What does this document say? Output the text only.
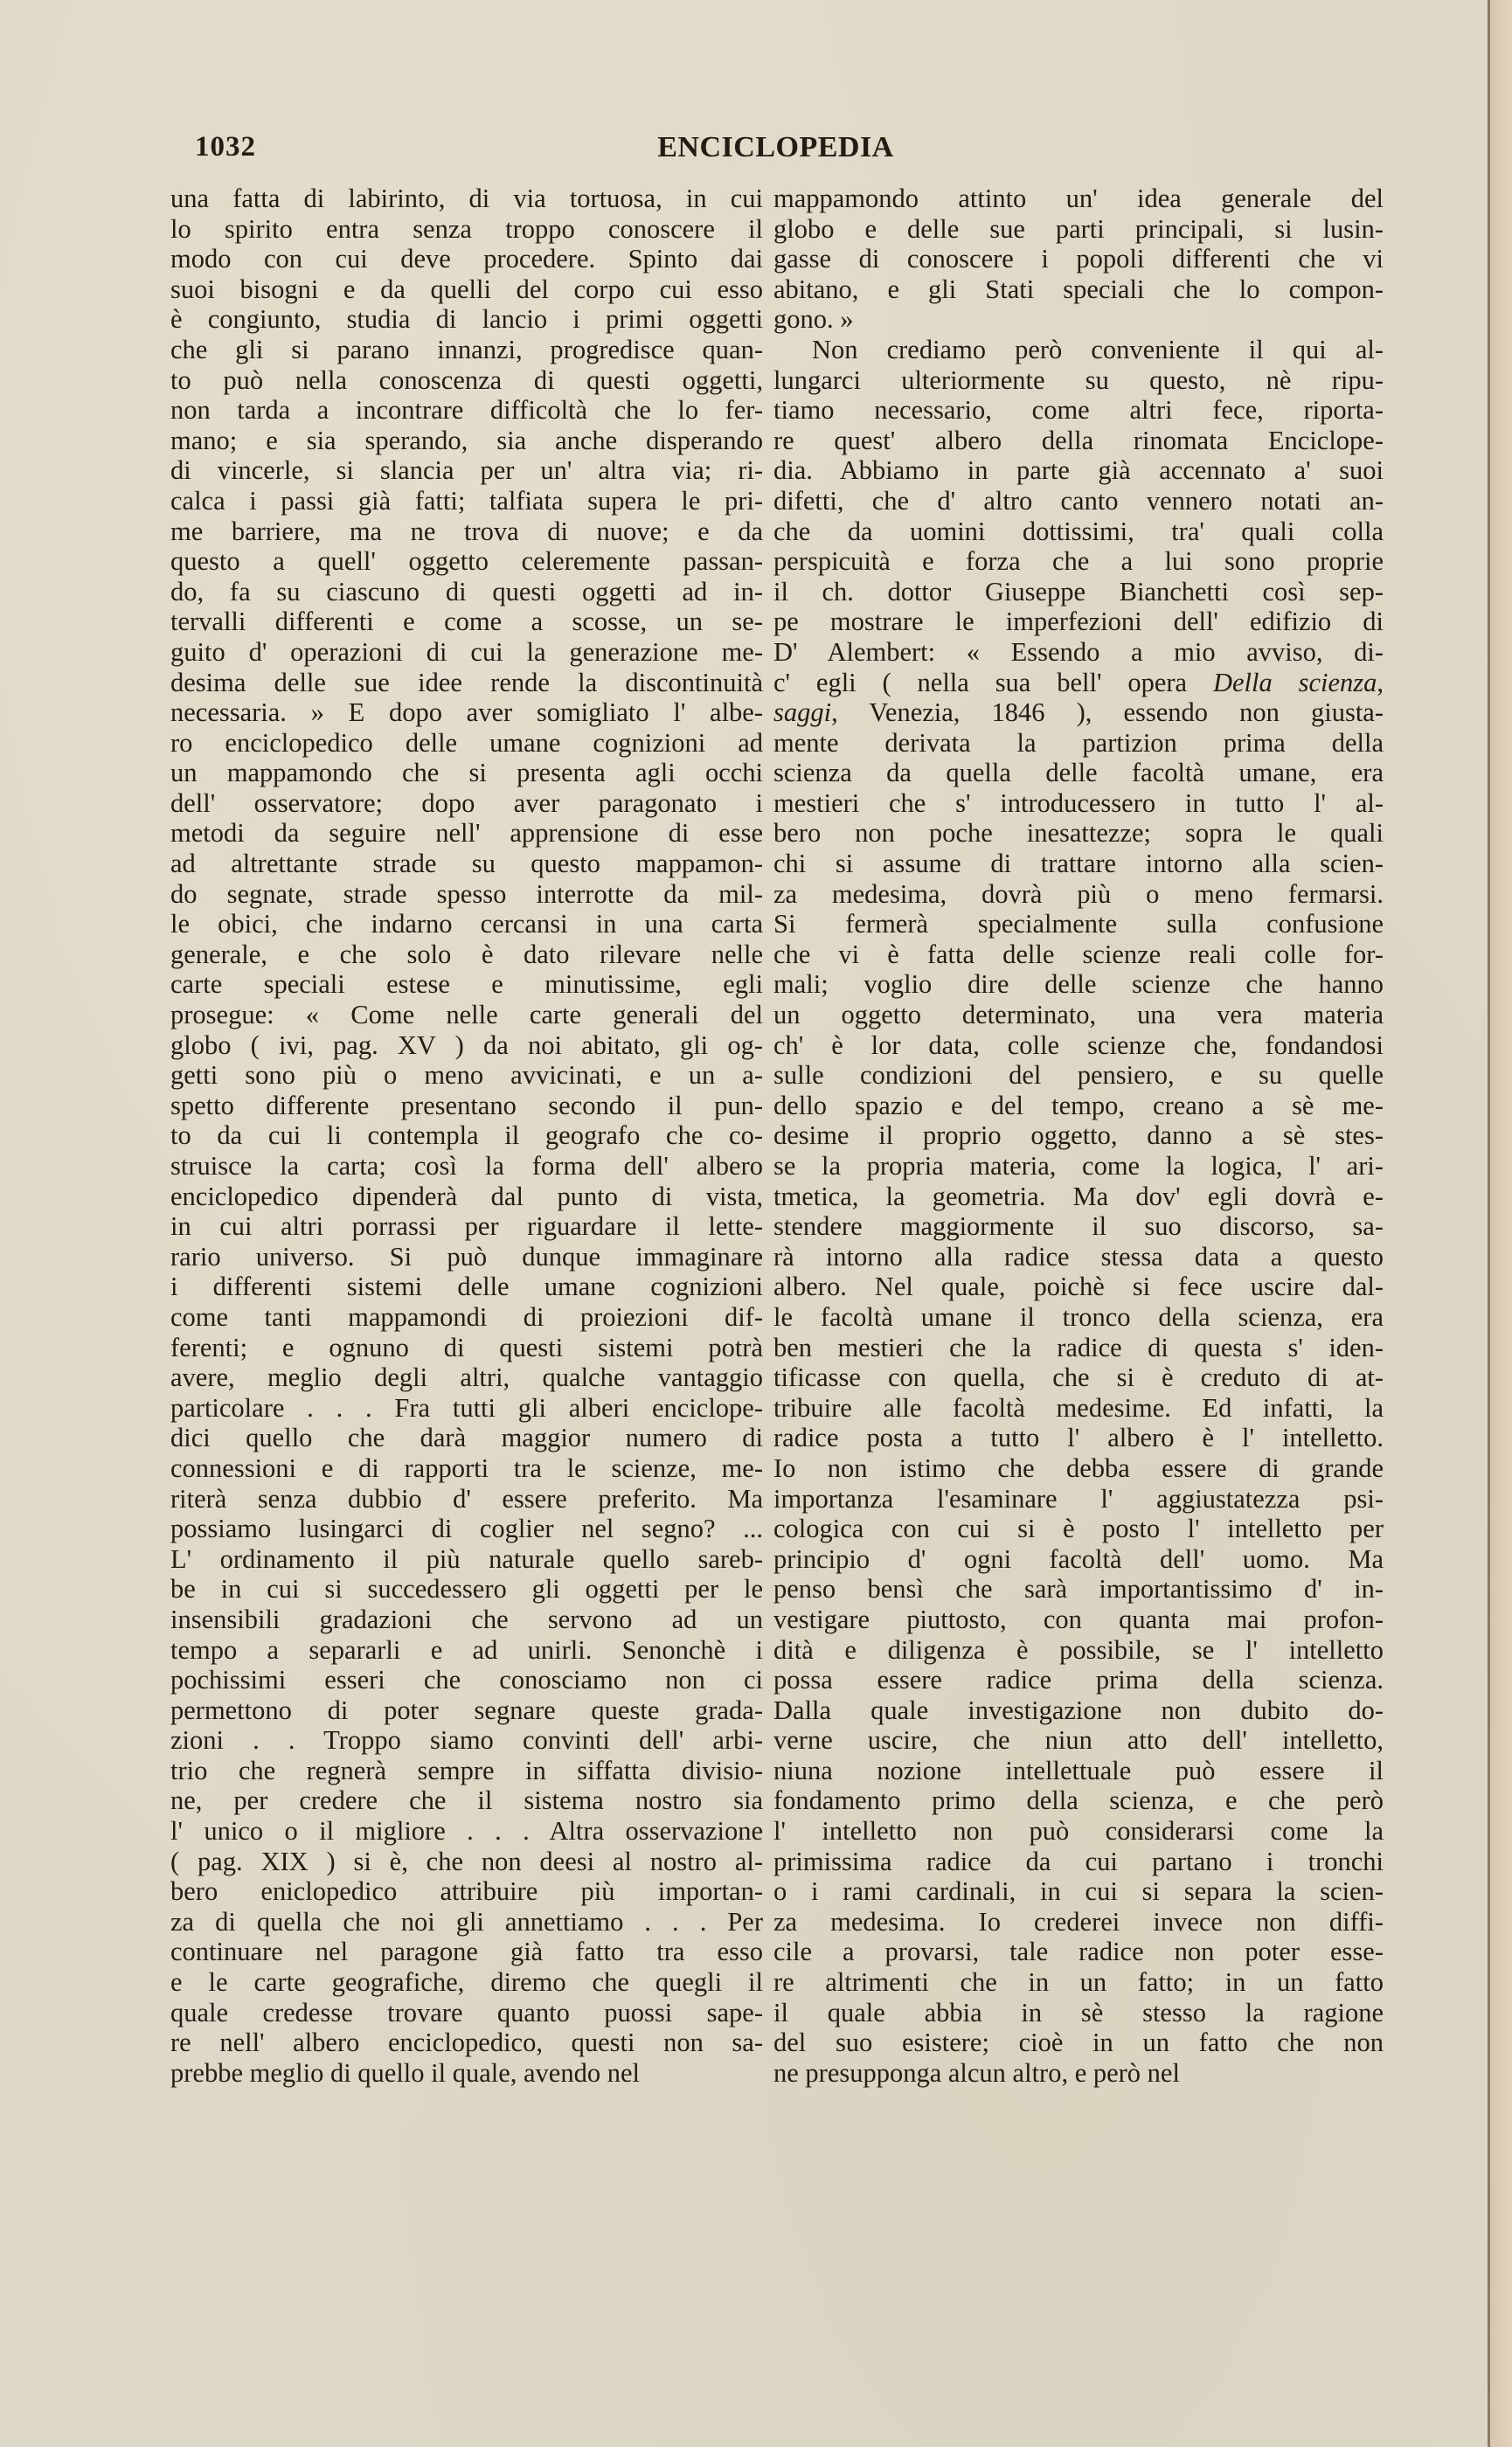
1032	ENCICLOPEDIA
una fatta di labirinto, di via tortuosa, in cui
lo spirito entra senza troppo conoscere il
modo con cui deve procedere. Spinto dai
suoi bisogni e da quelli del corpo cui esso
è congiunto, studia di lancio i primi oggetti
che gli si parano innanzi, progredisce quan-
to può nella conoscenza di questi oggetti,
non tarda a incontrare difficoltà che lo fer-
mano; e sia sperando, sia anche disperando
di vincerle, si slancia per un' altra via; ri-
calca i passi già fatti; talfiata supera le pri-
me barriere, ma ne trova di nuove; e da
questo a quell' oggetto celeremente passan-
do, fa su ciascuno di questi oggetti ad in-
tervalli differenti e come a scosse, un se-
guito d' operazioni di cui la generazione me-
desima delle sue idee rende la discontinuità
necessaria. » E dopo aver somigliato l' albe-
ro enciclopedico delle umane cognizioni ad
un mappamondo che si presenta agli occhi
dell' osservatore; dopo aver paragonato i
metodi da seguire nell' apprensione di esse
ad altrettante strade su questo mappamon-
do segnate, strade spesso interrotte da mil-
le obici, che indarno cercansi in una carta
generale, e che solo è dato rilevare nelle
carte speciali estese e minutissime, egli
prosegue: « Come nelle carte generali del
globo ( ivi, pag. XV ) da noi abitato, gli og-
getti sono più o meno avvicinati, e un a-
spetto differente presentano secondo il pun-
to da cui li contempla il geografo che co-
struisce la carta; così la forma dell' albero
enciclopedico dipenderà dal punto di vista,
in cui altri porrassi per riguardare il lette-
rario universo. Si può dunque immaginare
i differenti sistemi delle umane cognizioni
come tanti mappamondi di proiezioni dif-
ferenti; e ognuno di questi sistemi potrà
avere, meglio degli altri, qualche vantaggio
particolare . . . Fra tutti gli alberi enciclope-
dici quello che darà maggior numero di
connessioni e di rapporti tra le scienze, me-
riterà senza dubbio d' essere preferito. Ma
possiamo lusingarci di coglier nel segno? ...
L' ordinamento il più naturale quello sareb-
be in cui si succedessero gli oggetti per le
insensibili gradazioni che servono ad un
tempo a separarli e ad unirli. Senonchè i
pochissimi esseri che conosciamo non ci
permettono di poter segnare queste grada-
zioni . . Troppo siamo convinti dell' arbi-
trio che regnerà sempre in siffatta divisio-
ne, per credere che il sistema nostro sia
l' unico o il migliore . . . Altra osservazione
( pag. XIX ) si è, che non deesi al nostro al-
bero eniclopedico attribuire più importan-
za di quella che noi gli annettiamo . . . Per
continuare nel paragone già fatto tra esso
e le carte geografiche, diremo che quegli il
quale credesse trovare quanto puossi sape-
re nell' albero enciclopedico, questi non sa-
prebbe meglio di quello il quale, avendo nel
mappamondo attinto un' idea generale del
globo e delle sue parti principali, si lusin-
gasse di conoscere i popoli differenti che vi
abitano, e gli Stati speciali che lo compon-
gono. »
Non crediamo però conveniente il qui al-
lungarci ulteriormente su questo, nè ripu-
tiamo necessario, come altri fece, riporta-
re quest' albero della rinomata Enciclope-
dia. Abbiamo in parte già accennato a' suoi
difetti, che d' altro canto vennero notati an-
che da uomini dottissimi, tra' quali colla
perspicuità e forza che a lui sono proprie
il ch. dottor Giuseppe Bianchetti così sep-
pe mostrare le imperfezioni dell' edifizio di
D' Alembert: « Essendo a mio avviso, di-
c' egli ( nella sua bell' opera Della scienza,
saggi, Venezia, 1846 ), essendo non giusta-
mente derivata la partizion prima della
scienza da quella delle facoltà umane, era
mestieri che s' introducessero in tutto l' al-
bero non poche inesattezze; sopra le quali
chi si assume di trattare intorno alla scien-
za medesima, dovrà più o meno fermarsi.
Si fermerà specialmente sulla confusione
che vi è fatta delle scienze reali colle for-
mali; voglio dire delle scienze che hanno
un oggetto determinato, una vera materia
ch' è lor data, colle scienze che, fondandosi
sulle condizioni del pensiero, e su quelle
dello spazio e del tempo, creano a sè me-
desime il proprio oggetto, danno a sè stes-
se la propria materia, come la logica, l' ari-
tmetica, la geometria. Ma dov' egli dovrà e-
stendere maggiormente il suo discorso, sa-
rà intorno alla radice stessa data a questo
albero. Nel quale, poichè si fece uscire dal-
le facoltà umane il tronco della scienza, era
ben mestieri che la radice di questa s' iden-
tificasse con quella, che si è creduto di at-
tribuire alle facoltà medesime. Ed infatti, la
radice posta a tutto l' albero è l' intelletto.
Io non istimo che debba essere di grande
importanza l'esaminare l' aggiustatezza psi-
cologica con cui si è posto l' intelletto per
principio d' ogni facoltà dell' uomo. Ma
penso bensì che sarà importantissimo d' in-
vestigare piuttosto, con quanta mai profon-
dità e diligenza è possibile, se l' intelletto
possa essere radice prima della scienza.
Dalla quale investigazione non dubito do-
verne uscire, che niun atto dell' intelletto,
niuna nozione intellettuale può essere il
fondamento primo della scienza, e che però
l' intelletto non può considerarsi come la
primissima radice da cui partano i tronchi
o i rami cardinali, in cui si separa la scien-
za medesima. Io crederei invece non diffi-
cile a provarsi, tale radice non poter esse-
re altrimenti che in un fatto; in un fatto
il quale abbia in sè stesso la ragione
del suo esistere; cioè in un fatto che non
ne presupponga alcun altro, e però nel
